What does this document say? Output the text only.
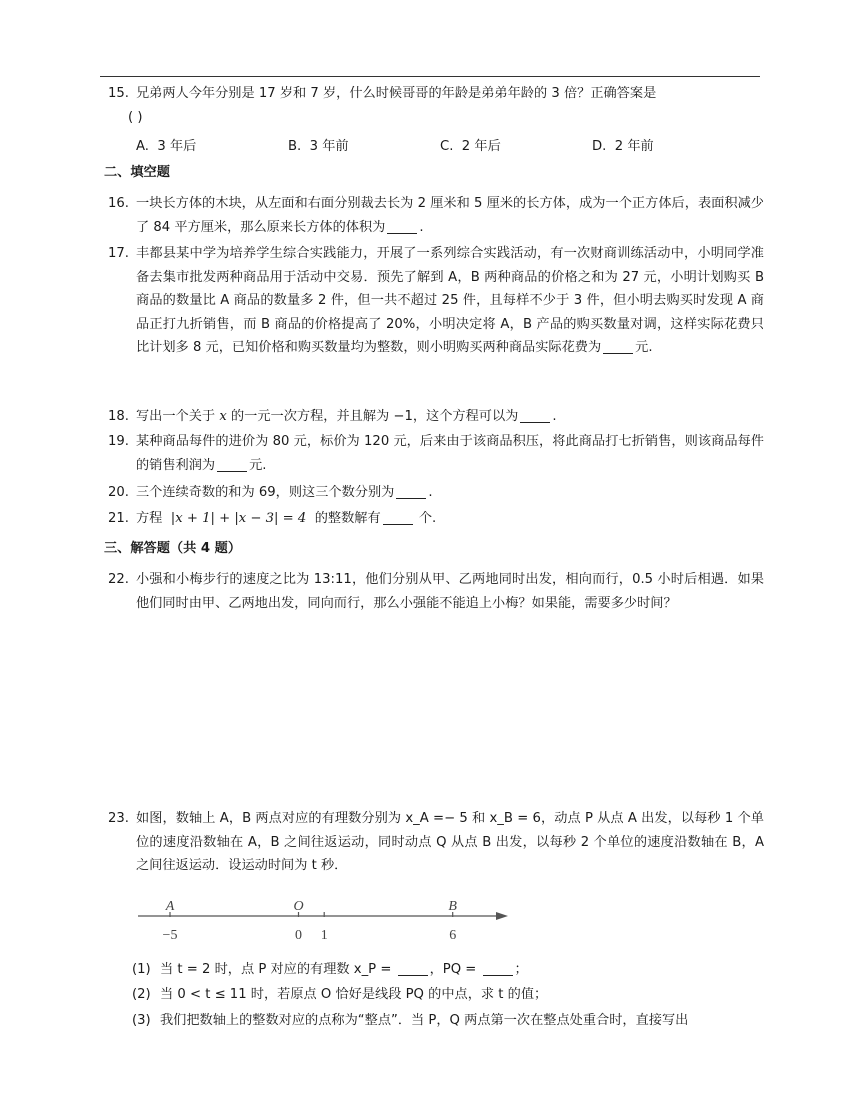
15. 兄弟两人今年分别是 17 岁和 7 岁，什么时候哥哥的年龄是弟弟年龄的 3 倍？正确答案是
( )
A. 3 年后	B. 3 年前	C. 2 年后	D. 2 年前
二、填空题
16. 一块长方体的木块，从左面和右面分别裁去长为 2 厘米和 5 厘米的长方体，成为一个正方体后，表面积减少了 84 平方厘米，那么原来长方体的体积为	.
17. 丰都县某中学为培养学生综合实践能力，开展了一系列综合实践活动，有一次财商训练活动中，小明同学准备去集市批发两种商品用于活动中交易．预先了解到 A，B 两种商品的价格之和为 27 元，小明计划购买 B 商品的数量比 A 商品的数量多 2 件，但一共不超过 25 件，且每样不少于 3 件，但小明去购买时发现 A 商品正打九折销售，而 B 商品的价格提高了 20%，小明决定将 A，B 产品的购买数量对调，这样实际花费只比计划多 8 元，已知价格和购买数量均为整数，则小明购买两种商品实际花费为	元.
18. 写出一个关于 x 的一元一次方程，并且解为 −1，这个方程可以为	.
19. 某种商品每件的进价为 80 元，标价为 120 元，后来由于该商品积压，将此商品打七折销售，则该商品每件的销售利润为	元.
20. 三个连续奇数的和为 69，则这三个数分别为	.
21. 方程 |x + 1| + |x − 3| = 4 的整数解有	个.
三、解答题（共 4 题）
22. 小强和小梅步行的速度之比为 13:11，他们分别从甲、乙两地同时出发，相向而行，0.5 小时后相遇．如果他们同时由甲、乙两地出发，同向而行，那么小强能不能追上小梅？如果能，需要多少时间？
23. 如图，数轴上 A，B 两点对应的有理数分别为 x_A =− 5 和 x_B = 6，动点 P 从点 A 出发，以每秒 1 个单位的速度沿数轴在 A，B 之间往返运动，同时动点 Q 从点 B 出发，以每秒 2 个单位的速度沿数轴在 B，A 之间往返运动．设运动时间为 t 秒．
A
−5
O
0 1
B
6
(1) 当 t = 2 时，点 P 对应的有理数 x_P =	，PQ =	；
(2) 当 0 < t ≤ 11 时，若原点 O 恰好是线段 PQ 的中点，求 t 的值；
(3) 我们把数轴上的整数对应的点称为“整点”．当 P，Q 两点第一次在整点处重合时，直接写出
